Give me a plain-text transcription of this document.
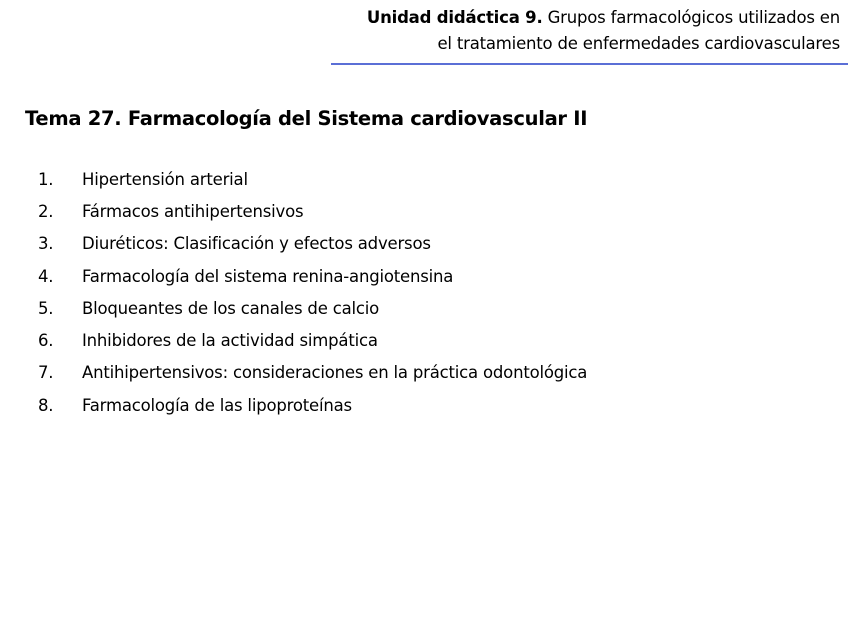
Unidad didáctica 9. Grupos farmacológicos utilizados en
el tratamiento de enfermedades cardiovasculares
Tema 27. Farmacología del Sistema cardiovascular II
1.	Hipertensión arterial
2.	Fármacos antihipertensivos
3.	Diuréticos: Clasificación y efectos adversos
4.	Farmacología del sistema renina-angiotensina
5.	Bloqueantes de los canales de calcio
6.	Inhibidores de la actividad simpática
7.	Antihipertensivos: consideraciones en la práctica odontológica
8.	Farmacología de las lipoproteínas
